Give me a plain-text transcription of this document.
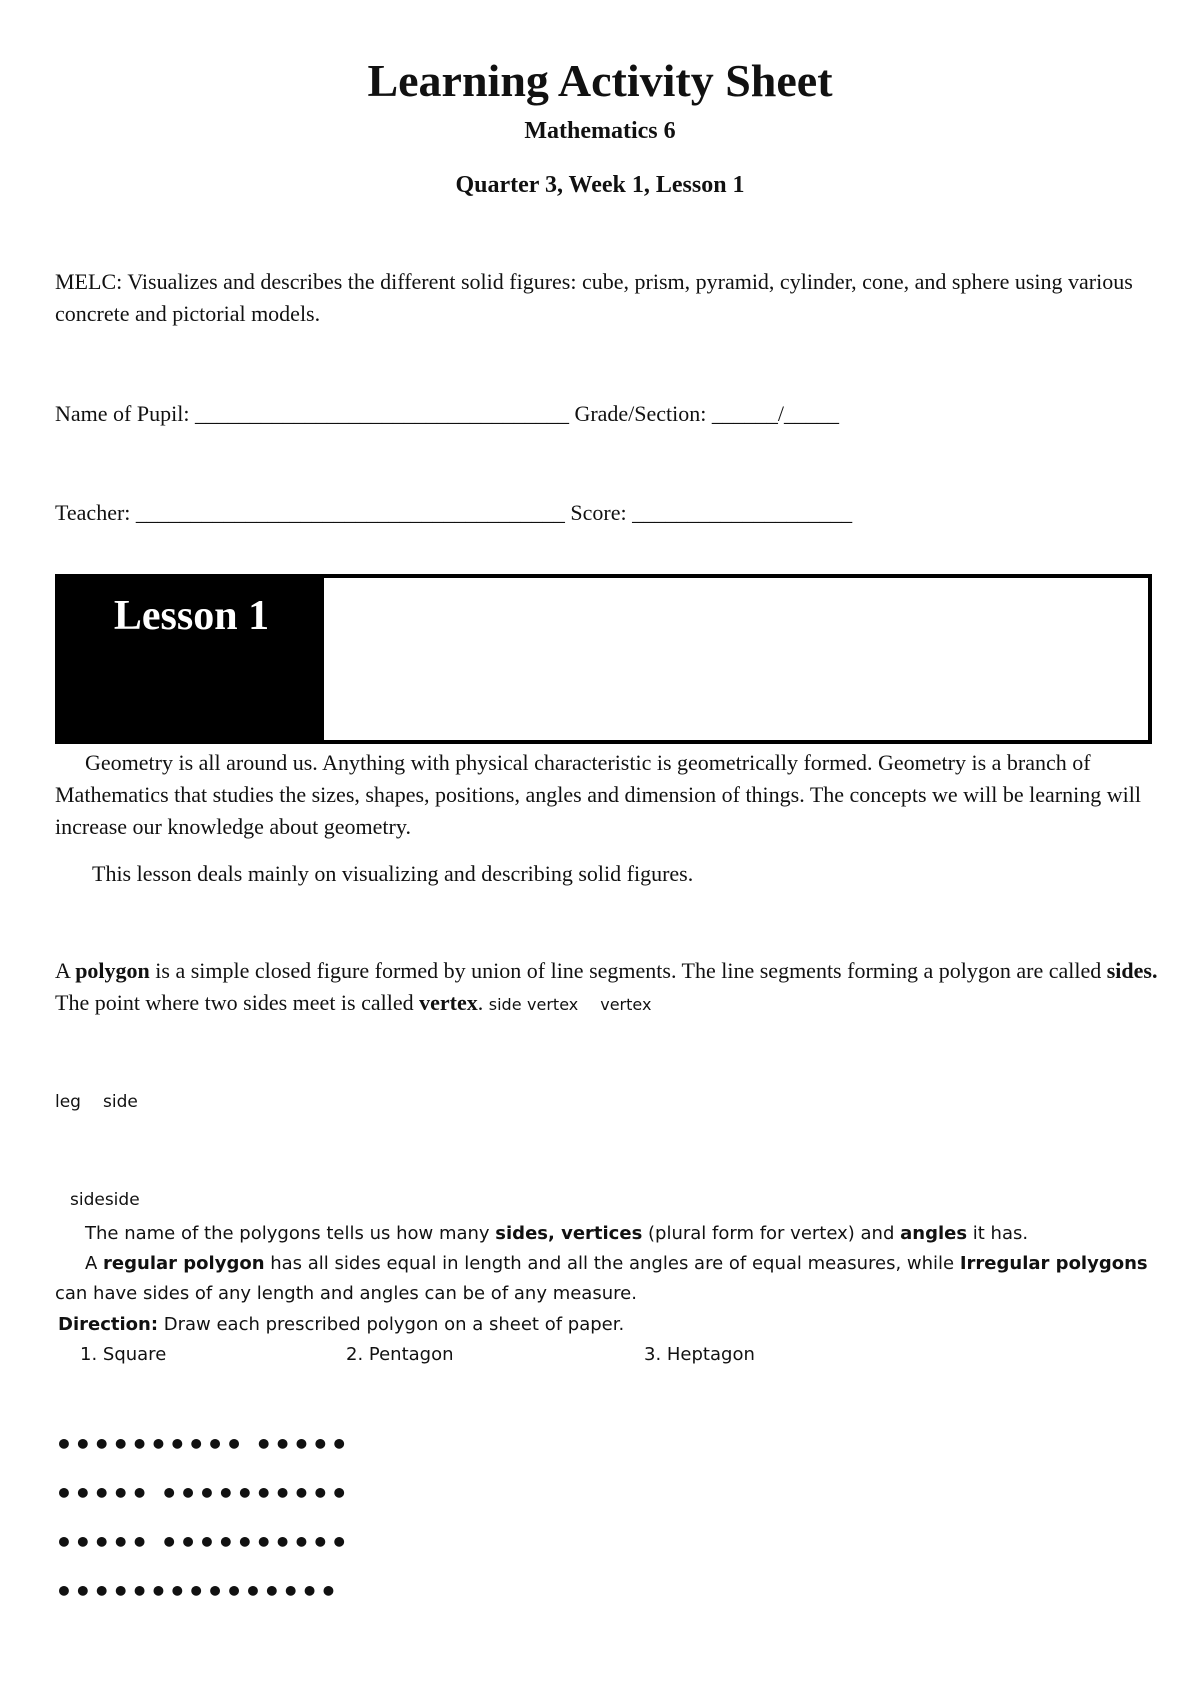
Learning Activity Sheet
Mathematics 6
Quarter 3, Week 1, Lesson 1
MELC: Visualizes and describes the different solid figures: cube, prism, pyramid, cylinder, cone, and sphere using various concrete and pictorial models.
Name of Pupil: __________________________________ Grade/Section: ______/_____
Teacher: _______________________________________ Score: ____________________
Lesson 1
Geometry is all around us. Anything with physical characteristic is geometrically formed. Geometry is a branch of Mathematics that studies the sizes, shapes, positions, angles and dimension of things. The concepts we will be learning will increase our knowledge about geometry.
This lesson deals mainly on visualizing and describing solid figures.
A polygon is a simple closed figure formed by union of line segments. The line segments forming a polygon are called sides. The point where two sides meet is called vertex. side vertex vertex
leg side
sideside
The name of the polygons tells us how many sides, vertices (plural form for vertex) and angles it has.
A regular polygon has all sides equal in length and all the angles are of equal measures, while Irregular polygons can have sides of any length and angles can be of any measure.
Direction: Draw each prescribed polygon on a sheet of paper.
1. Square	2. Pentagon	3. Heptagon
•••••••••• •••••
••••• ••••••••••
••••• ••••••••••
•••••••••••••••
